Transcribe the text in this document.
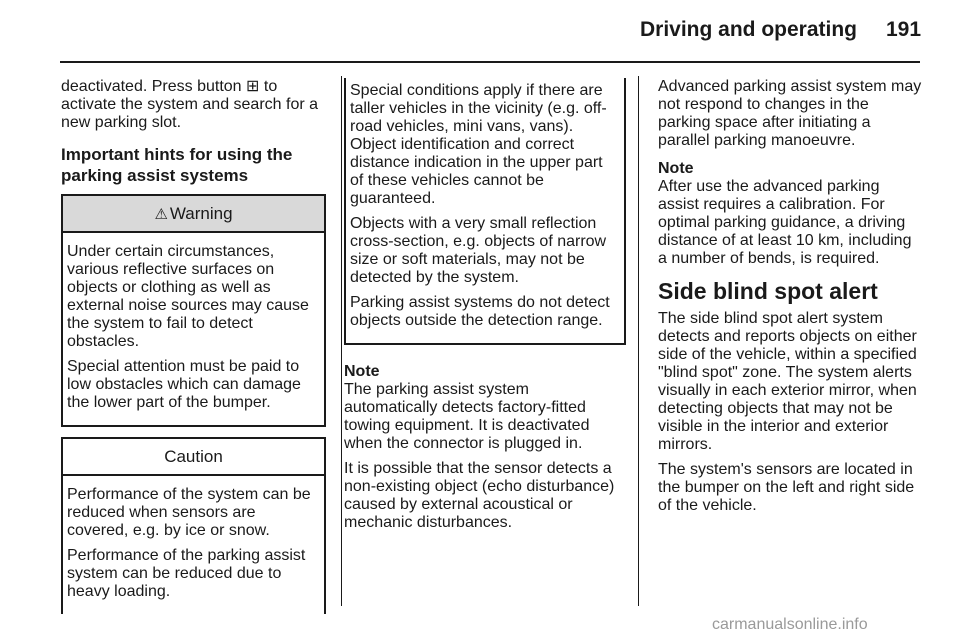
Driving and operating 191

deactivated. Press button ⊞ to activate the system and search for a new parking slot.

Important hints for using the parking assist systems
⚠ Warning

Under certain circumstances, various reflective surfaces on objects or clothing as well as external noise sources may cause the system to fail to detect obstacles.

Special attention must be paid to low obstacles which can damage the lower part of the bumper.

Caution

Performance of the system can be reduced when sensors are covered, e.g. by ice or snow.

Performance of the parking assist system can be reduced due to heavy loading.

Special conditions apply if there are taller vehicles in the vicinity (e.g. off-road vehicles, mini vans, vans). Object identification and correct distance indication in the upper part of these vehicles cannot be guaranteed.

Objects with a very small reflection cross-section, e.g. objects of narrow size or soft materials, may not be detected by the system.

Parking assist systems do not detect objects outside the detection range.

Note

The parking assist system automatically detects factory-fitted towing equipment. It is deactivated when the connector is plugged in.

It is possible that the sensor detects a non-existing object (echo disturbance) caused by external acoustical or mechanic disturbances.

Advanced parking assist system may not respond to changes in the parking space after initiating a parallel parking manoeuvre.

Note

After use the advanced parking assist requires a calibration. For optimal parking guidance, a driving distance of at least 10 km, including a number of bends, is required.

Side blind spot alert

The side blind spot alert system detects and reports objects on either side of the vehicle, within a specified "blind spot" zone. The system alerts visually in each exterior mirror, when detecting objects that may not be visible in the interior and exterior mirrors.

The system's sensors are located in the bumper on the left and right side of the vehicle.

carmanualsonline.info
